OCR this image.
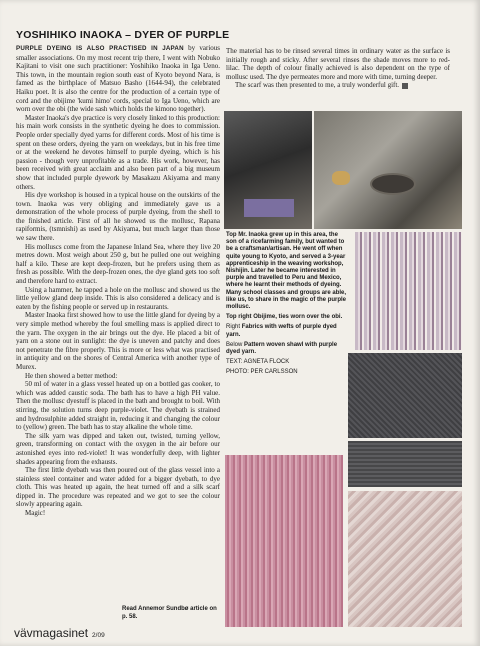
YOSHIHIKO INAOKA – DYER OF PURPLE

PURPLE DYEING IS ALSO PRACTISED IN JAPAN by various smaller associations. On my most recent trip there, I went with Nobuko Kajitani to visit one such practitioner: Yoshihiko Inaoka in Iga Ueno. This town, in the mountain region south east of Kyoto beyond Nara, is famed as the birthplace of Matsuo Basho (1644-94), the celebrated Haiku poet. It is also the centre for the production of a certain type of cord and the obijime 'kumi himo' cords, special to Iga Ueno, which are worn over the obi (the wide sash which holds the kimono together).

Master Inaoka's dye practice is very closely linked to this production: his main work consists in the synthetic dyeing he does to commission. People order specially dyed yarns for different cords. Most of his time is spent on these orders, dyeing the yarn on weekdays, but in his free time or at the weekend he devotes himself to purple dyeing, which is his passion - though very unprofitable as a trade. His work, however, has been received with great acclaim and also been part of a big museum show that included purple dyework by Masakazu Akiyama and many others.

His dye workshop is housed in a typical house on the outskirts of the town. Inaoka was very obliging and immediately gave us a demonstration of the whole process of purple dyeing, from the shell to the finished article. First of all he showed us the mollusc, Rapana rapiformis, (tsmnishi) as used by Akiyama, but much larger than those we saw there.

His molluscs come from the Japanese Inland Sea, where they live 20 metres down. Most weigh about 250 g, but he pulled one out weighing half a kilo. These are kept deep-frozen, but he prefers using them as fresh as possible. With the deep-frozen ones, the dye gland gets too soft and therefore hard to extract.

Using a hammer, he tapped a hole on the mollusc and showed us the little yellow gland deep inside. This is also considered a delicacy and is eaten by the fishing people or served up in restaurants.

Master Inaoka first showed how to use the little gland for dyeing by a very simple method whereby the foul smelling mass is applied direct to the yarn. The oxygen in the air brings out the dye. He placed a bit of yarn on a stone out in sunlight: the dye is uneven and patchy and does not penetrate the fibre properly. This is more or less what was practised in antiquity and on the shores of Central America with another type of Murex.

He then showed a better method:

50 ml of water in a glass vessel heated up on a bottled gas cooker, to which was added caustic soda. The bath has to have a high PH value. Then the mollusc dyestuff is placed in the bath and brought to boil. With stirring, the solution turns deep purple-violet. The dyebath is strained and hydrosulphite added straight in, reducing it and changing the colour to (yellow) green. The bath has to stay alkaline the whole time.

The silk yarn was dipped and taken out, twisted, turning yellow, green, transforming on contact with the oxygen in the air before our astonished eyes into red-violet! It was wonderfully deep, with lighter shades appearing from the exhausts.

The first little dyebath was then poured out of the glass vessel into a stainless steel container and water added for a bigger dyebath, to dye cloth. This was heated up again, the heat turned off and a silk scarf dipped in. The procedure was repeated and we got to see the colour slowly appearing again.

Magic!

The material has to be rinsed several times in ordinary water as the surface is initially rough and sticky. After several rinses the shade moves more to red-lilac. The depth of colour finally achieved is also dependent on the type of mollusc used. The dye permeates more and more with time, turning deeper.

The scarf was then presented to me, a truly wonderful gift.

Top Mr. Inaoka grew up in this area, the son of a ricefarming family, but wanted to be a craftsman/artisan. He went off when quite young to Kyoto, and served a 3-year apprenticeship in the weaving workshop, Nishijin. Later he became interested in purple and travelled to Peru and Mexico, where he learnt their methods of dyeing. Many school classes and groups are able, like us, to share in the magic of the purple mollusc.

Top right Obijime, ties worn over the obi.

Right Fabrics with wefts of purple dyed yarn.

Below Pattern woven shawl with purple dyed yarn.

TEXT: AGNETA FLOCK
PHOTO: PER CARLSSON
Read Annemor Sundbø article on p. 58.
vävmagasinet 2/09
